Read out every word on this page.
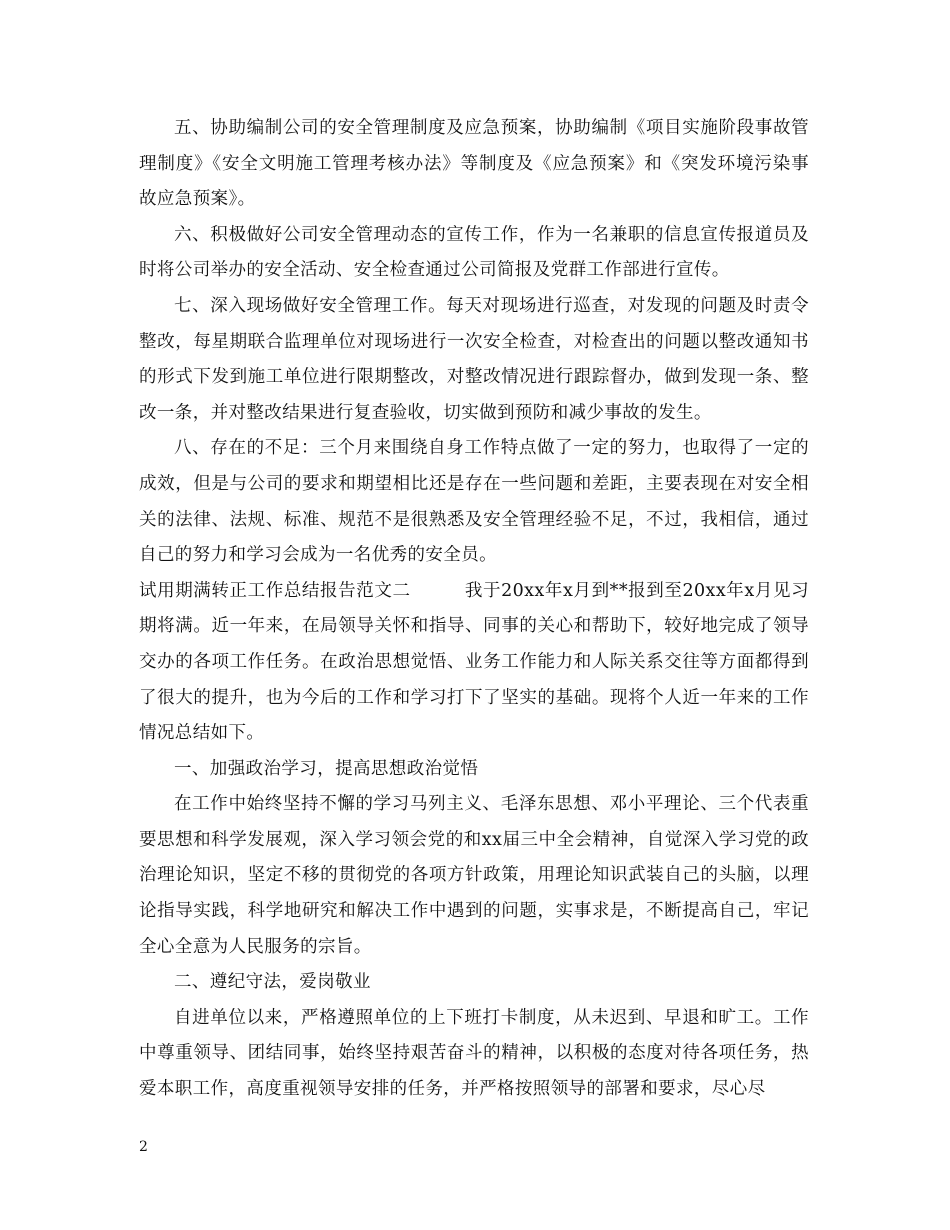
五、协助编制公司的安全管理制度及应急预案，协助编制《项目实施阶段事故管理制度》《安全文明施工管理考核办法》等制度及《应急预案》和《突发环境污染事故应急预案》。

六、积极做好公司安全管理动态的宣传工作，作为一名兼职的信息宣传报道员及时将公司举办的安全活动、安全检查通过公司简报及党群工作部进行宣传。

七、深入现场做好安全管理工作。每天对现场进行巡查，对发现的问题及时责令整改，每星期联合监理单位对现场进行一次安全检查，对检查出的问题以整改通知书的形式下发到施工单位进行限期整改，对整改情况进行跟踪督办，做到发现一条、整改一条，并对整改结果进行复查验收，切实做到预防和减少事故的发生。

八、存在的不足：三个月来围绕自身工作特点做了一定的努力，也取得了一定的成效，但是与公司的要求和期望相比还是存在一些问题和差距，主要表现在对安全相关的法律、法规、标准、规范不是很熟悉及安全管理经验不足，不过，我相信，通过自己的努力和学习会成为一名优秀的安全员。

试用期满转正工作总结报告范文二　　　我于20xx年x月到**报到至20xx年x月见习期将满。近一年来，在局领导关怀和指导、同事的关心和帮助下，较好地完成了领导交办的各项工作任务。在政治思想觉悟、业务工作能力和人际关系交往等方面都得到了很大的提升，也为今后的工作和学习打下了坚实的基础。现将个人近一年来的工作情况总结如下。

一、加强政治学习，提高思想政治觉悟

在工作中始终坚持不懈的学习马列主义、毛泽东思想、邓小平理论、三个代表重要思想和科学发展观，深入学习领会党的和xx届三中全会精神，自觉深入学习党的政治理论知识，坚定不移的贯彻党的各项方针政策，用理论知识武装自己的头脑，以理论指导实践，科学地研究和解决工作中遇到的问题，实事求是，不断提高自己，牢记全心全意为人民服务的宗旨。

二、遵纪守法，爱岗敬业

自进单位以来，严格遵照单位的上下班打卡制度，从未迟到、早退和旷工。工作中尊重领导、团结同事，始终坚持艰苦奋斗的精神，以积极的态度对待各项任务，热爱本职工作，高度重视领导安排的任务，并严格按照领导的部署和要求，尽心尽

2
